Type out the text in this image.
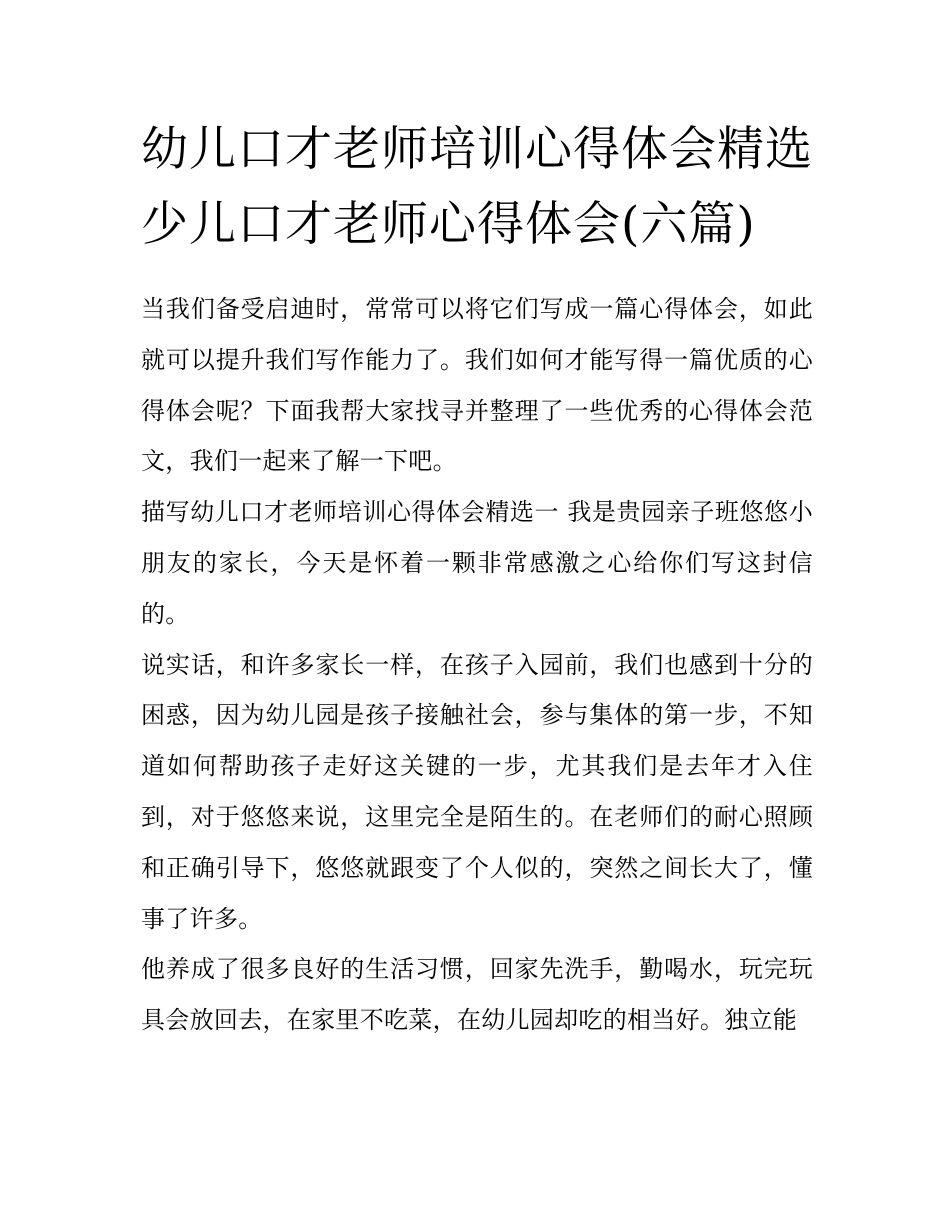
幼儿口才老师培训心得体会精选 少儿口才老师心得体会(六篇)

当我们备受启迪时，常常可以将它们写成一篇心得体会，如此就可以提升我们写作能力了。我们如何才能写得一篇优质的心得体会呢？下面我帮大家找寻并整理了一些优秀的心得体会范文，我们一起来了解一下吧。

描写幼儿口才老师培训心得体会精选一 我是贵园亲子班悠悠小朋友的家长，今天是怀着一颗非常感激之心给你们写这封信的。

说实话，和许多家长一样，在孩子入园前，我们也感到十分的困惑，因为幼儿园是孩子接触社会，参与集体的第一步，不知道如何帮助孩子走好这关键的一步，尤其我们是去年才入住到，对于悠悠来说，这里完全是陌生的。在老师们的耐心照顾和正确引导下，悠悠就跟变了个人似的，突然之间长大了，懂事了许多。

他养成了很多良好的生活习惯，回家先洗手，勤喝水，玩完玩具会放回去，在家里不吃菜，在幼儿园却吃的相当好。独立能
